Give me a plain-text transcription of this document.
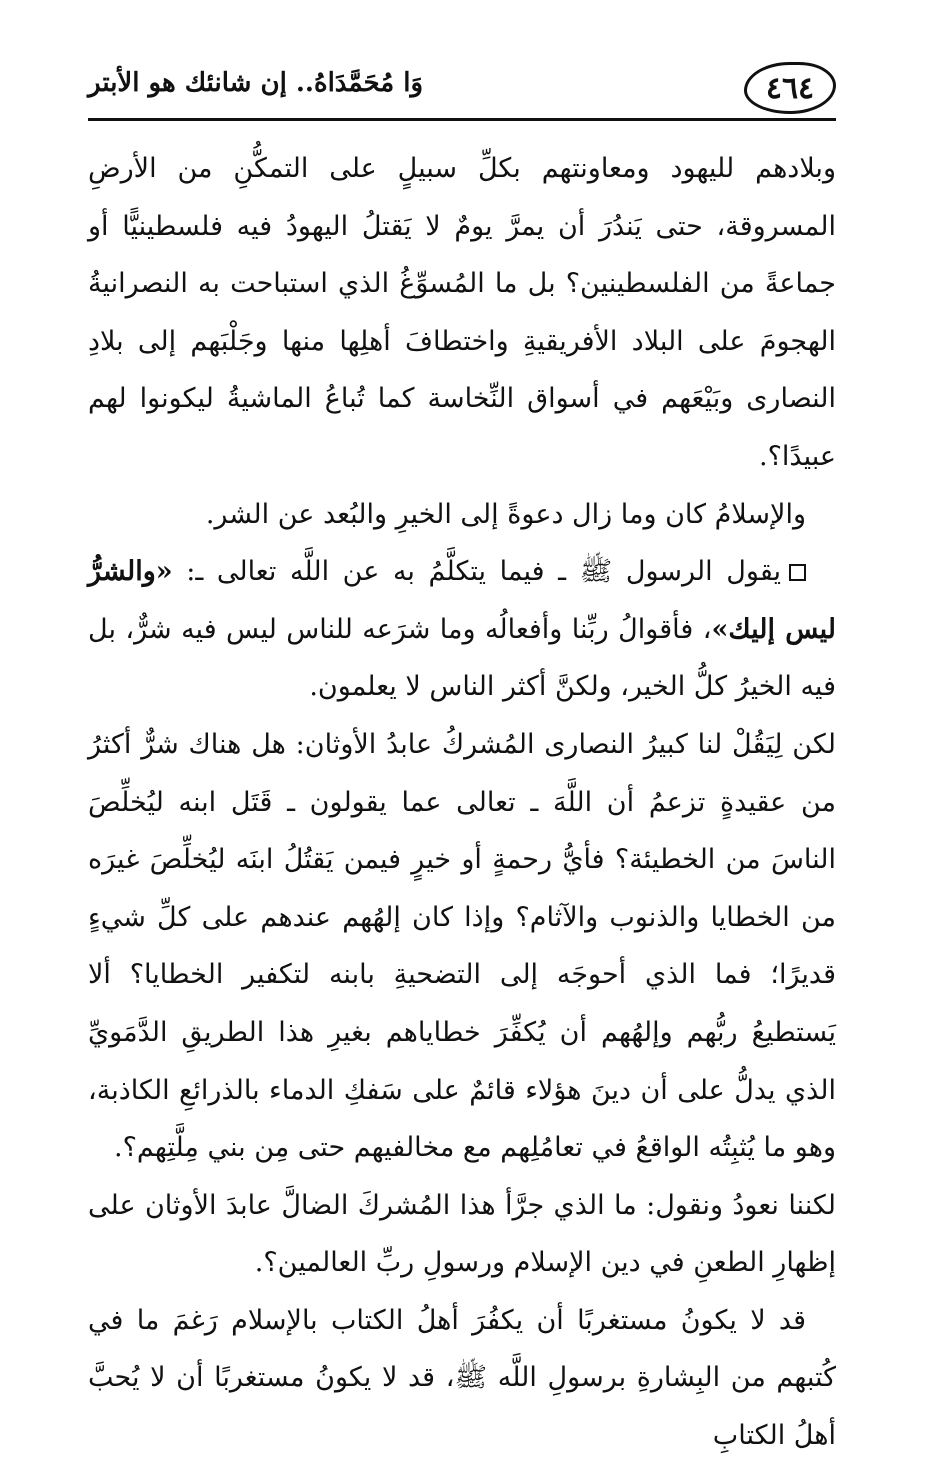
٤٦٤
وَا مُحَمَّدَاهُ.. إن شانئك هو الأبتر

وبلادهم لليهود ومعاونتهم بكلِّ سبيلٍ على التمكُّنِ من الأرضِ المسروقة، حتى يَندُرَ أن يمرَّ يومٌ لا يَقتلُ اليهودُ فيه فلسطينيًّا أو جماعةً من الفلسطينين؟ بل ما المُسوِّغُ الذي استباحت به النصرانيةُ الهجومَ على البلاد الأفريقيةِ واختطافَ أهلِها منها وجَلْبَهم إلى بلادِ النصارى وبَيْعَهم في أسواق النِّخاسة كما تُباعُ الماشيةُ ليكونوا لهم عبيدًا؟.

والإسلامُ كان وما زال دعوةً إلى الخيرِ والبُعد عن الشر.

يقول الرسول ﷺ ـ فيما يتكلَّمُ به عن اللَّه تعالى ـ: «والشرُّ ليس إليك»، فأقوالُ ربِّنا وأفعالُه وما شرَعه للناس ليس فيه شرٌّ، بل فيه الخيرُ كلُّ الخير، ولكنَّ أكثر الناس لا يعلمون.

لكن لِيَقُلْ لنا كبيرُ النصارى المُشركُ عابدُ الأوثان: هل هناك شرٌّ أكثرُ من عقيدةٍ تزعمُ أن اللَّهَ ـ تعالى عما يقولون ـ قَتَل ابنه ليُخلِّصَ الناسَ من الخطيئة؟ فأيُّ رحمةٍ أو خيرٍ فيمن يَقتُلُ ابنَه ليُخلِّصَ غيرَه من الخطايا والذنوب والآثام؟ وإذا كان إلهُهم عندهم على كلِّ شيءٍ قديرًا؛ فما الذي أحوجَه إلى التضحيةِ بابنه لتكفير الخطايا؟ ألا يَستطيعُ ربُّهم وإلهُهم أن يُكفِّرَ خطاياهم بغيرِ هذا الطريقِ الدَّمَويِّ الذي يدلُّ على أن دينَ هؤلاء قائمٌ على سَفكِ الدماء بالذرائعِ الكاذبة، وهو ما يُثبِتُه الواقعُ في تعامُلِهم مع مخالفيهم حتى مِن بني مِلَّتِهم؟.

لكننا نعودُ ونقول: ما الذي جرَّأ هذا المُشركَ الضالَّ عابدَ الأوثان على إظهارِ الطعنِ في دين الإسلام ورسولِ ربِّ العالمين؟.

قد لا يكونُ مستغربًا أن يكفُرَ أهلُ الكتاب بالإسلام رَغمَ ما في كُتبهم من البِشارةِ برسولِ اللَّه ﷺ، قد لا يكونُ مستغربًا أن لا يُحبَّ أهلُ الكتابِ
